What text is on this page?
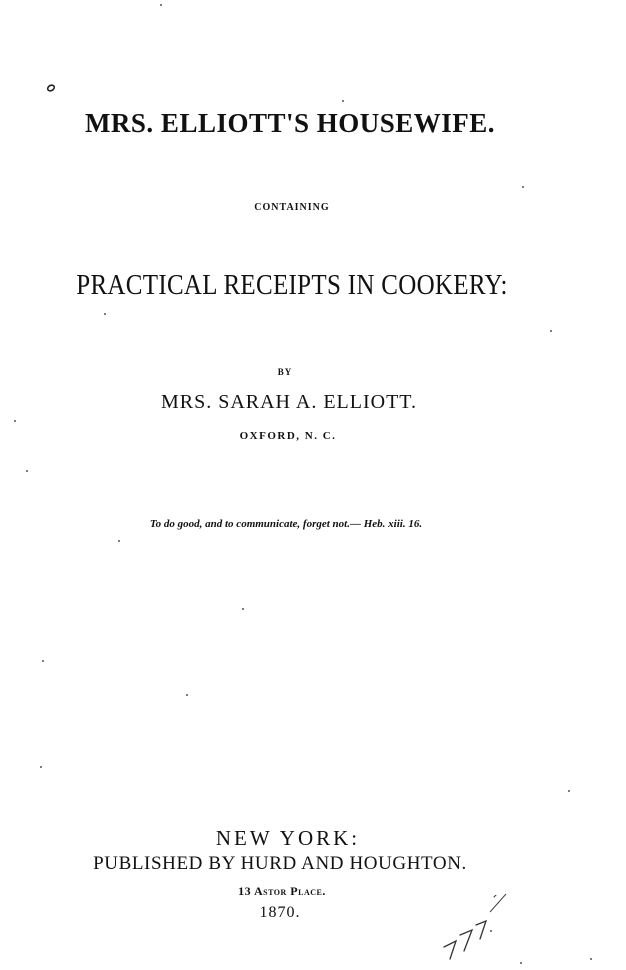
MRS. ELLIOTT'S HOUSEWIFE.
CONTAINING
PRACTICAL RECEIPTS IN COOKERY:
BY
MRS. SARAH A. ELLIOTT.
OXFORD, N. C.
To do good, and to communicate, forget not.— Heb. xiii. 16.
NEW YORK:
PUBLISHED BY HURD AND HOUGHTON.
13 Astor Place.
1870.
